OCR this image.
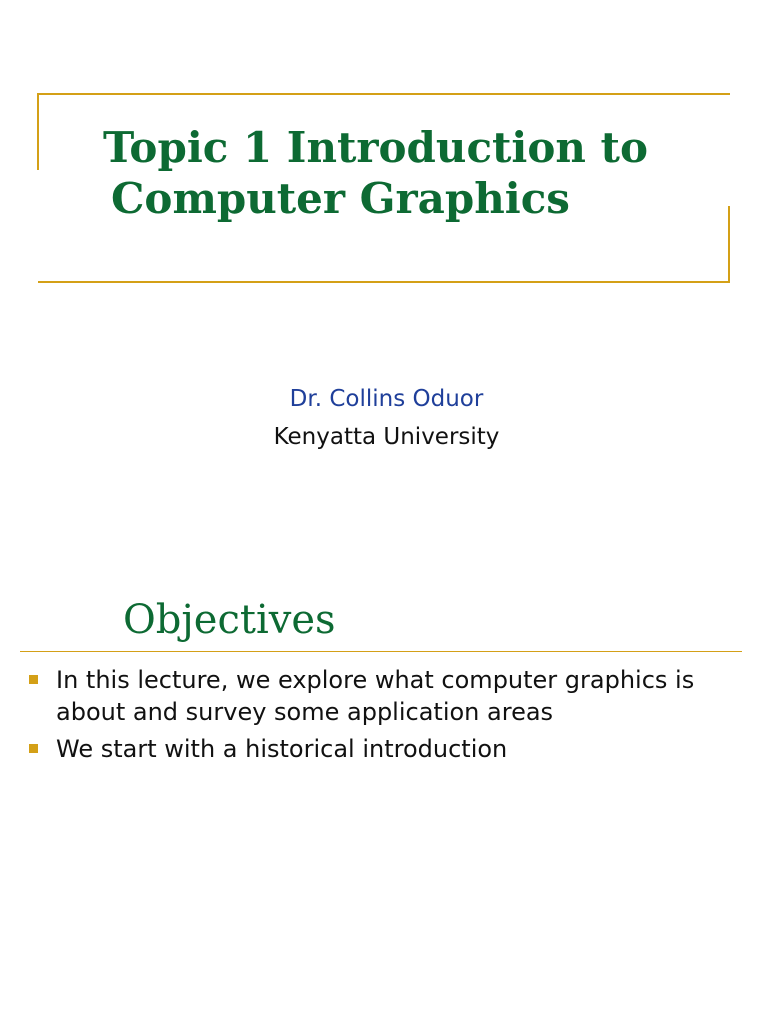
Topic 1 Introduction to
Computer Graphics
Dr. Collins Oduor
Kenyatta University
Objectives
In this lecture, we explore what computer graphics is about and survey some application areas
We start with a historical introduction
